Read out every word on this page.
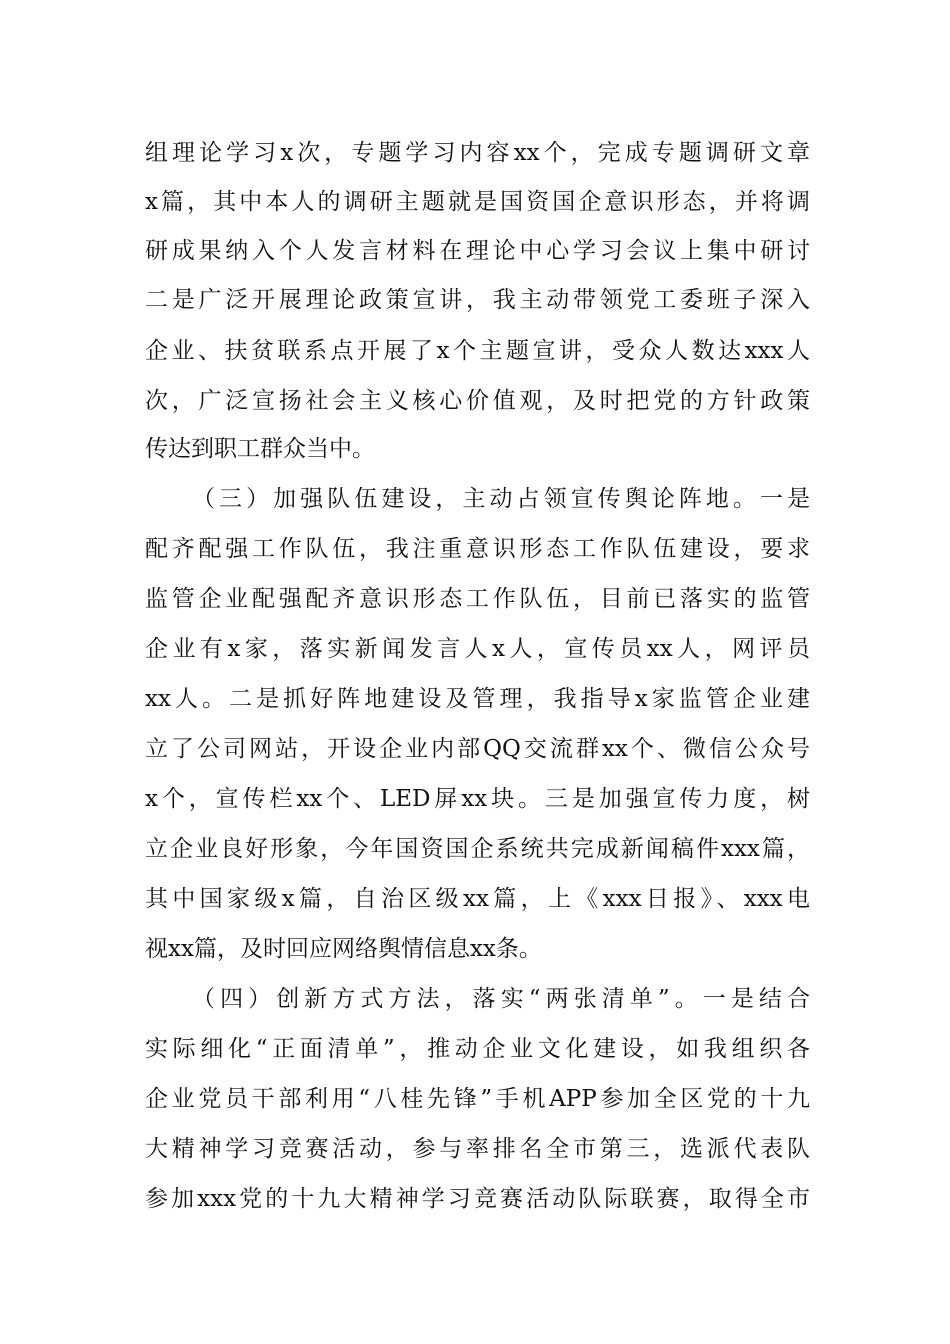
组理论学习x次，专题学习内容xx个，完成专题调研文章
x篇，其中本人的调研主题就是国资国企意识形态，并将调
研成果纳入个人发言材料在理论中心学习会议上集中研讨
二是广泛开展理论政策宣讲，我主动带领党工委班子深入
企业、扶贫联系点开展了x个主题宣讲，受众人数达xxx人
次，广泛宣扬社会主义核心价值观，及时把党的方针政策
传达到职工群众当中。
（三）加强队伍建设，主动占领宣传舆论阵地。一是
配齐配强工作队伍，我注重意识形态工作队伍建设，要求
监管企业配强配齐意识形态工作队伍，目前已落实的监管
企业有x家，落实新闻发言人x人，宣传员xx人，网评员
xx人。二是抓好阵地建设及管理，我指导x家监管企业建
立了公司网站，开设企业内部QQ交流群xx个、微信公众号
x个，宣传栏xx个、LED屏xx块。三是加强宣传力度，树
立企业良好形象，今年国资国企系统共完成新闻稿件xxx篇，
其中国家级x篇，自治区级xx篇，上《xxx日报》、xxx电
视xx篇，及时回应网络舆情信息xx条。
（四）创新方式方法，落实“两张清单”。一是结合
实际细化“正面清单”，推动企业文化建设，如我组织各
企业党员干部利用“八桂先锋”手机APP参加全区党的十九
大精神学习竞赛活动，参与率排名全市第三，选派代表队
参加xxx党的十九大精神学习竞赛活动队际联赛，取得全市
